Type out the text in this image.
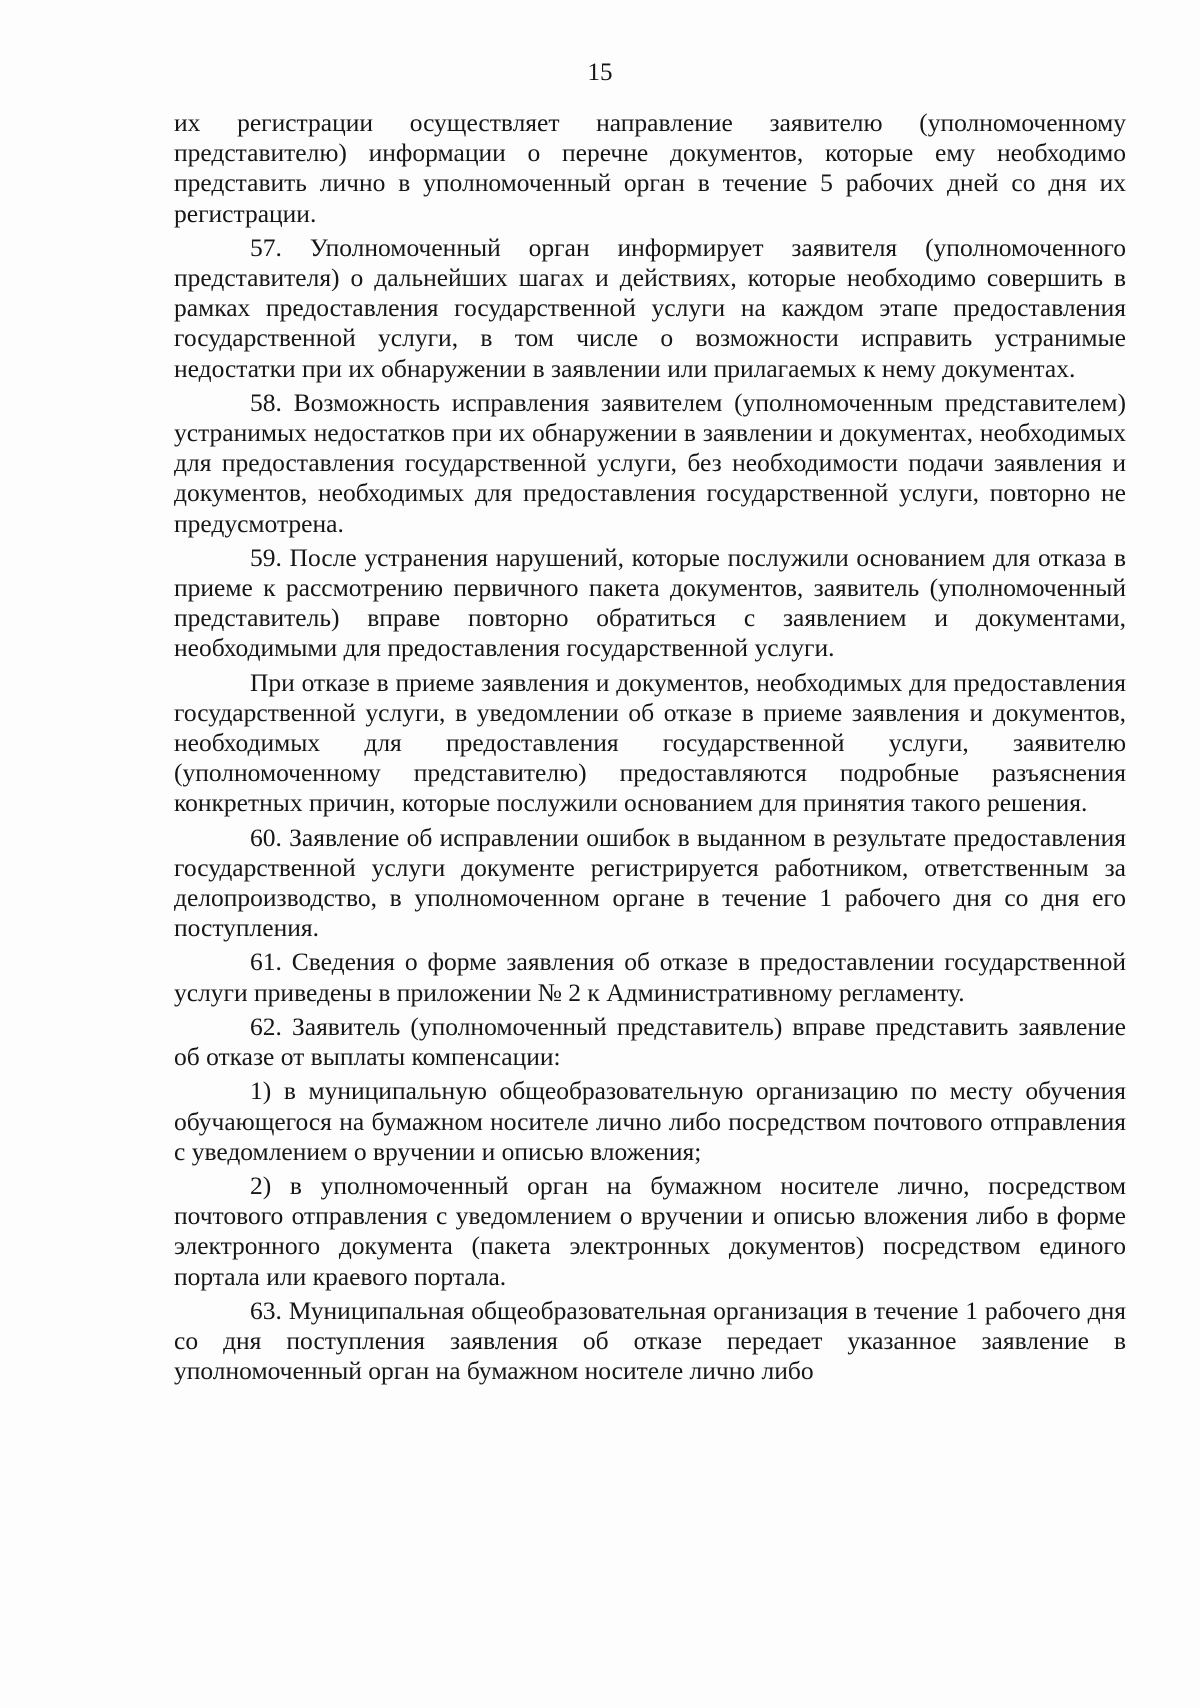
15

их регистрации осуществляет направление заявителю (уполномоченному представителю) информации о перечне документов, которые ему необходимо представить лично в уполномоченный орган в течение 5 рабочих дней со дня их регистрации.

57. Уполномоченный орган информирует заявителя (уполномоченного представителя) о дальнейших шагах и действиях, которые необходимо совершить в рамках предоставления государственной услуги на каждом этапе предоставления государственной услуги, в том числе о возможности исправить устранимые недостатки при их обнаружении в заявлении или прилагаемых к нему документах.

58. Возможность исправления заявителем (уполномоченным представителем) устранимых недостатков при их обнаружении в заявлении и документах, необходимых для предоставления государственной услуги, без необходимости подачи заявления и документов, необходимых для предоставления государственной услуги, повторно не предусмотрена.

59. После устранения нарушений, которые послужили основанием для отказа в приеме к рассмотрению первичного пакета документов, заявитель (уполномоченный представитель) вправе повторно обратиться с заявлением и документами, необходимыми для предоставления государственной услуги.

При отказе в приеме заявления и документов, необходимых для предоставления государственной услуги, в уведомлении об отказе в приеме заявления и документов, необходимых для предоставления государственной услуги, заявителю (уполномоченному представителю) предоставляются подробные разъяснения конкретных причин, которые послужили основанием для принятия такого решения.

60. Заявление об исправлении ошибок в выданном в результате предоставления государственной услуги документе регистрируется работником, ответственным за делопроизводство, в уполномоченном органе в течение 1 рабочего дня со дня его поступления.

61. Сведения о форме заявления об отказе в предоставлении государственной услуги приведены в приложении № 2 к Административному регламенту.

62. Заявитель (уполномоченный представитель) вправе представить заявление об отказе от выплаты компенсации:

1) в муниципальную общеобразовательную организацию по месту обучения обучающегося на бумажном носителе лично либо посредством почтового отправления с уведомлением о вручении и описью вложения;

2) в уполномоченный орган на бумажном носителе лично, посредством почтового отправления с уведомлением о вручении и описью вложения либо в форме электронного документа (пакета электронных документов) посредством единого портала или краевого портала.

63. Муниципальная общеобразовательная организация в течение 1 рабочего дня со дня поступления заявления об отказе передает указанное заявление в уполномоченный орган на бумажном носителе лично либо
